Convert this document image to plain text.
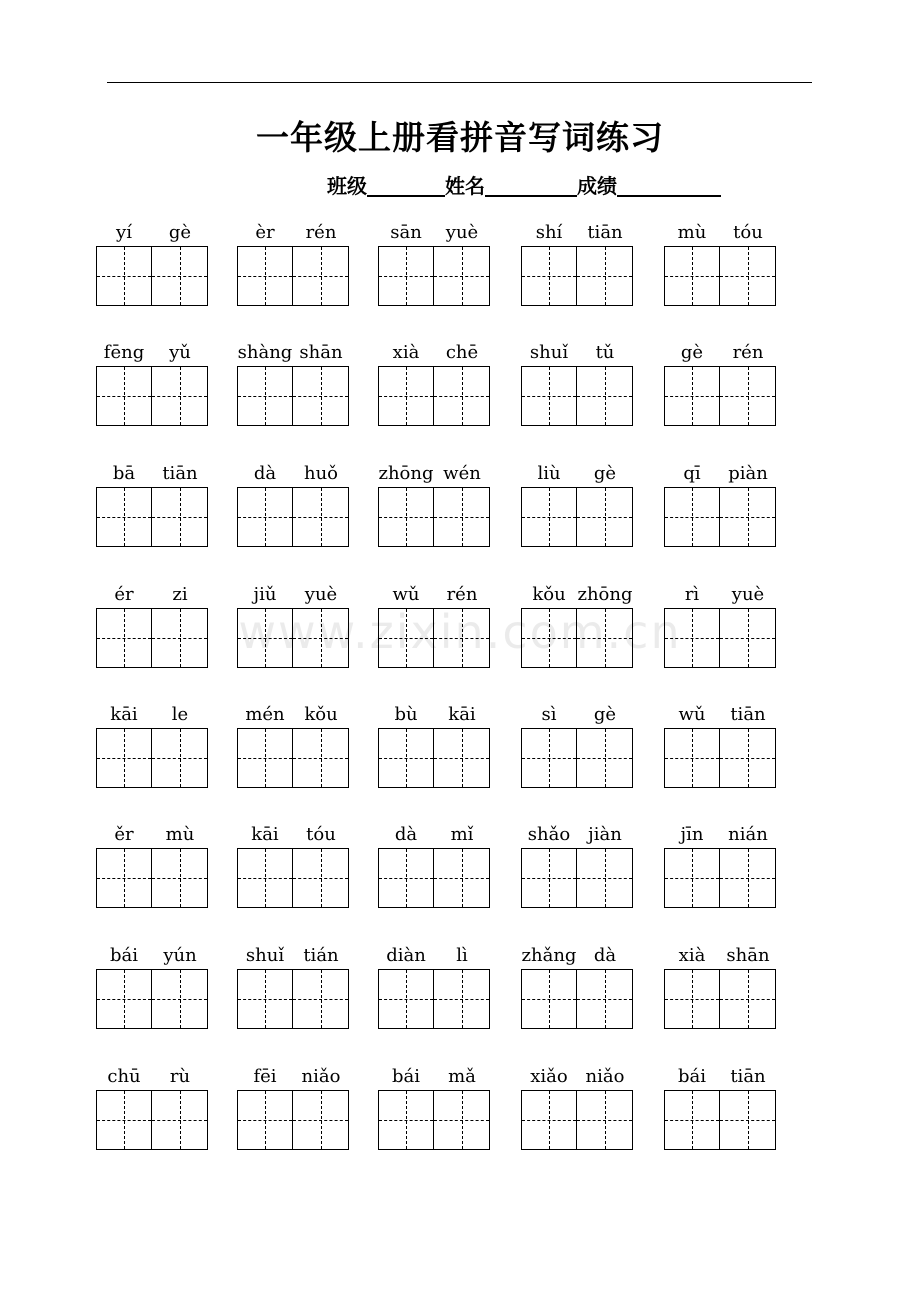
一年级上册看拼音写词练习
班级	姓名	成绩
www.zixin.com.cn
yí	gè	èr	rén	sān	yuè	shí	tiān	mù	tóu
fēng	yǔ	shàng shān	xià	chē	shuǐ	tǔ	gè	rén
bā	tiān	dà	huǒ	zhōng wén	liù	gè	qī	piàn
ér	zi	jiǔ	yuè	wǔ	rén	kǒu zhōng	rì	yuè
kāi	le	mén	kǒu	bù	kāi	sì	gè	wǔ	tiān
ěr	mù	kāi	tóu	dà	mǐ	shǎo jiàn	jīn	nián
bái	yún	shuǐ	tián	diàn	lì	zhǎng dà	xià	shān
chū	rù	fēi	niǎo	bái	mǎ	xiǎo niǎo	bái	tiān
